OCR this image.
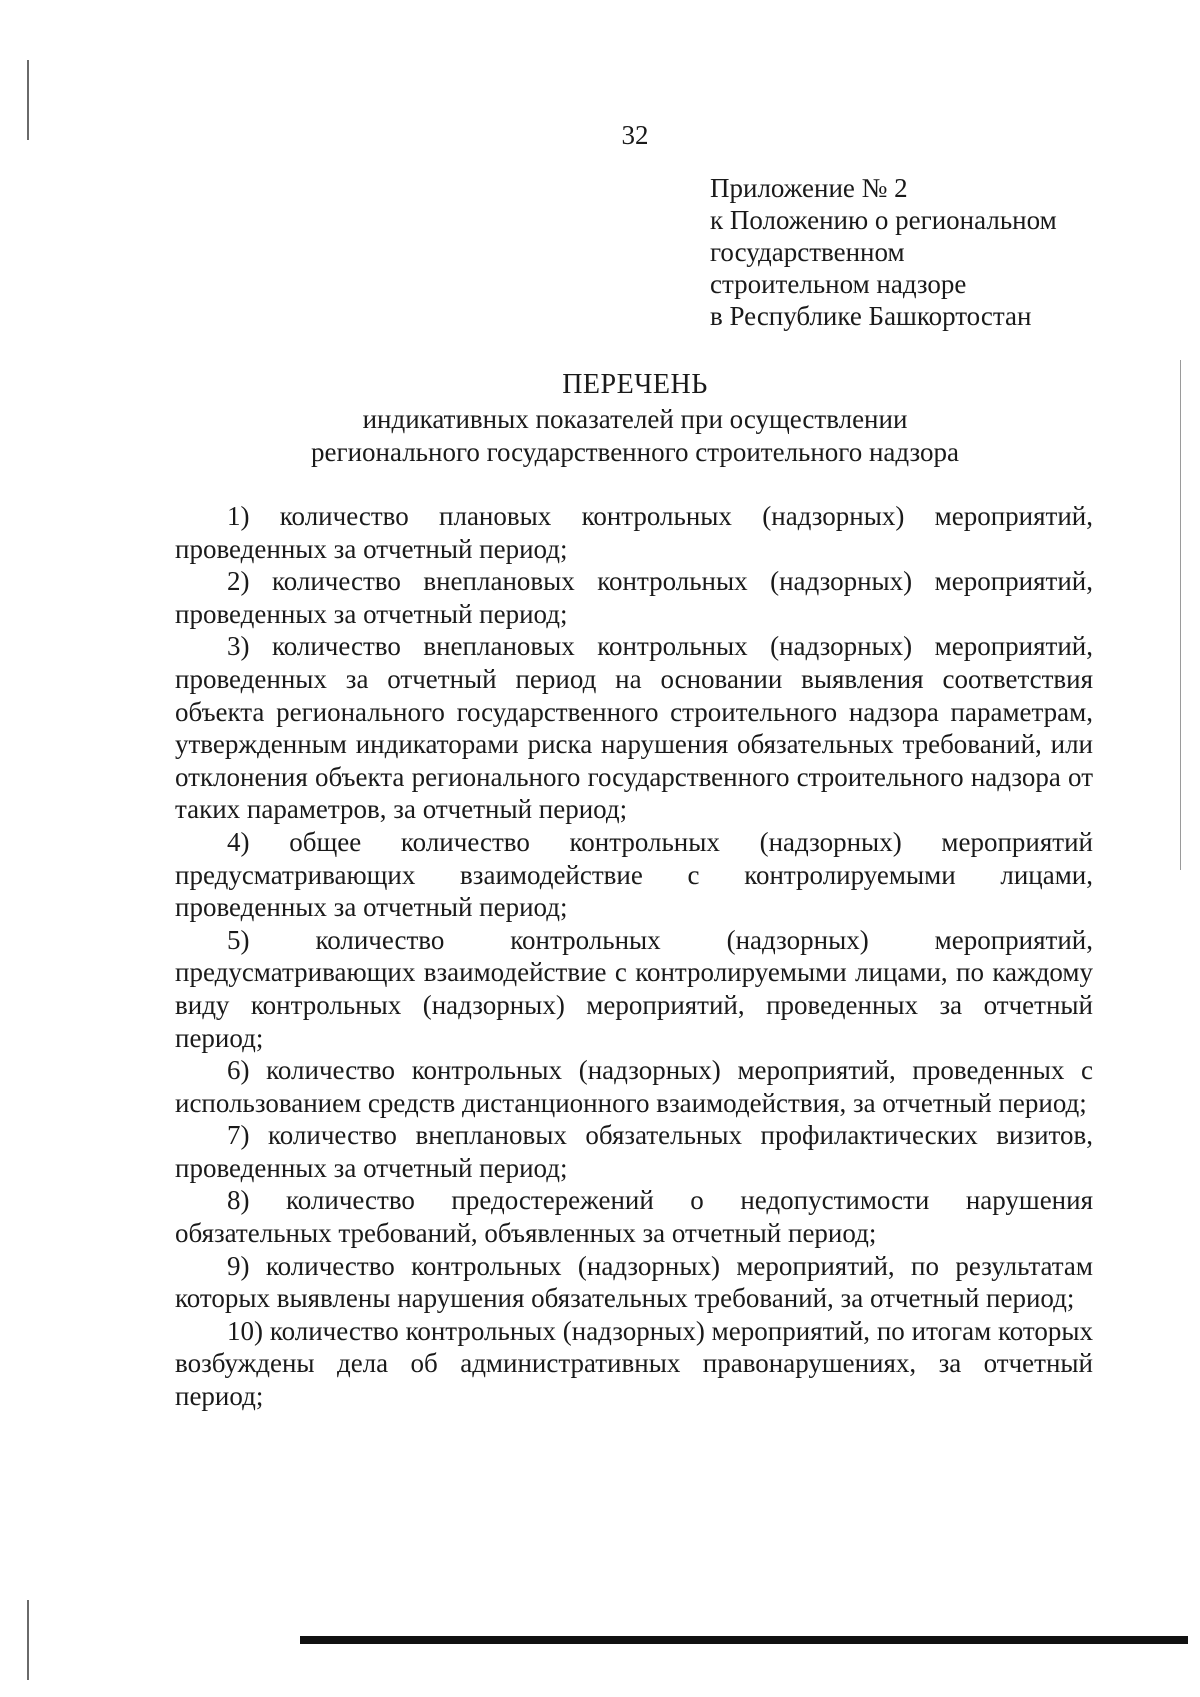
32
Приложение № 2
к Положению о региональном
государственном
строительном надзоре
в Республике Башкортостан
ПЕРЕЧЕНЬ
индикативных показателей при осуществлении
регионального государственного строительного надзора

1) количество плановых контрольных (надзорных) мероприятий, проведенных за отчетный период;

2) количество внеплановых контрольных (надзорных) мероприятий, проведенных за отчетный период;

3) количество внеплановых контрольных (надзорных) мероприятий, проведенных за отчетный период на основании выявления соответствия объекта регионального государственного строительного надзора параметрам, утвержденным индикаторами риска нарушения обязательных требований, или отклонения объекта регионального государственного строительного надзора от таких параметров, за отчетный период;

4) общее количество контрольных (надзорных) мероприятий предусматривающих взаимодействие с контролируемыми лицами, проведенных за отчетный период;

5) количество контрольных (надзорных) мероприятий, предусматривающих взаимодействие с контролируемыми лицами, по каждому виду контрольных (надзорных) мероприятий, проведенных за отчетный период;

6) количество контрольных (надзорных) мероприятий, проведенных с использованием средств дистанционного взаимодействия, за отчетный период;

7) количество внеплановых обязательных профилактических визитов, проведенных за отчетный период;

8) количество предостережений о недопустимости нарушения обязательных требований, объявленных за отчетный период;

9) количество контрольных (надзорных) мероприятий, по результатам которых выявлены нарушения обязательных требований, за отчетный период;

10) количество контрольных (надзорных) мероприятий, по итогам которых возбуждены дела об административных правонарушениях, за отчетный период;
